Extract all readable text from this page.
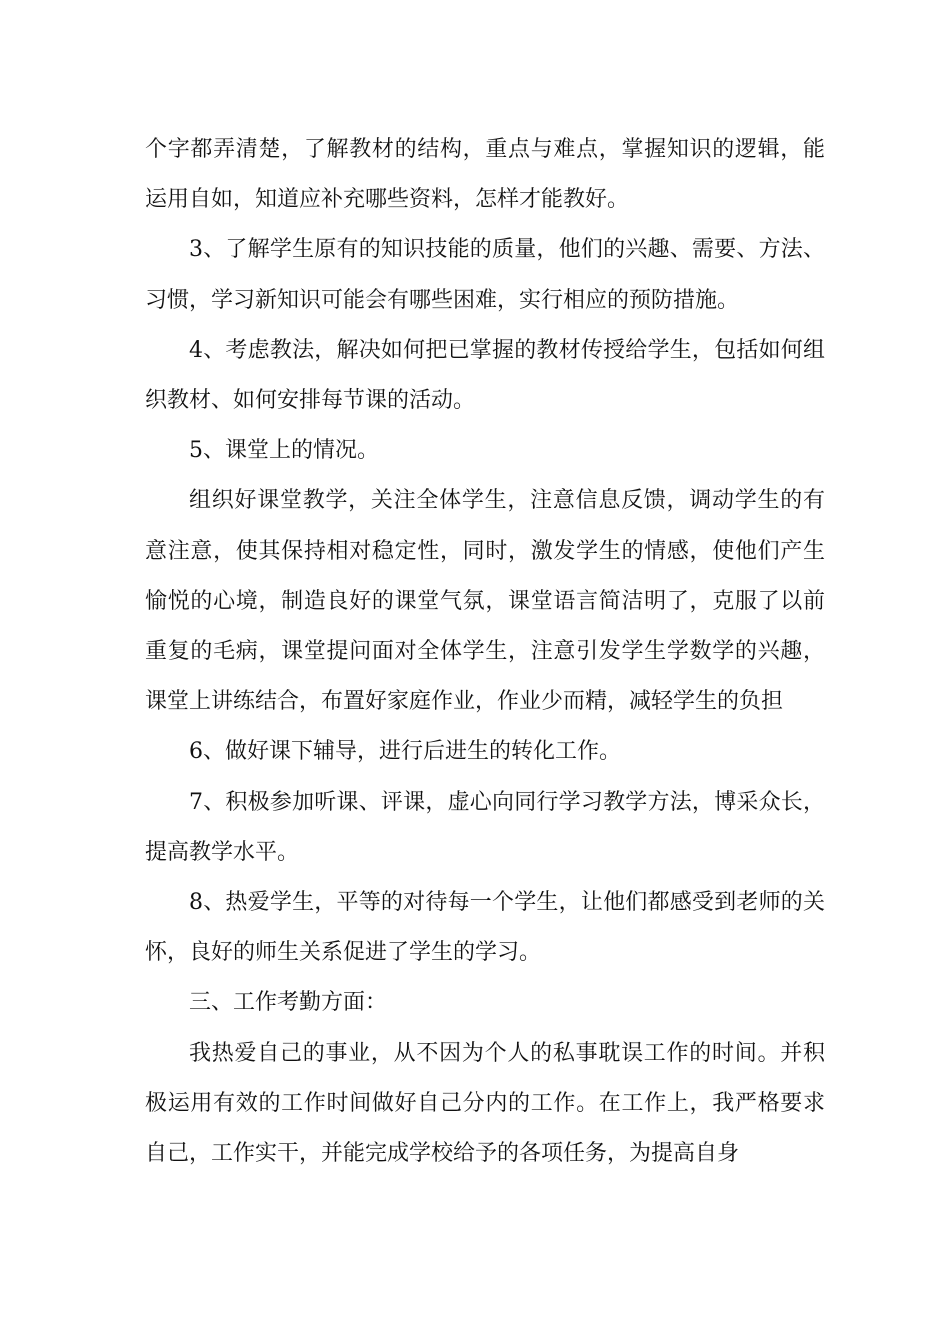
个字都弄清楚，了解教材的结构，重点与难点，掌握知识的逻辑，能运用自如，知道应补充哪些资料，怎样才能教好。

3、了解学生原有的知识技能的质量，他们的兴趣、需要、方法、习惯，学习新知识可能会有哪些困难，实行相应的预防措施。

4、考虑教法，解决如何把已掌握的教材传授给学生，包括如何组织教材、如何安排每节课的活动。

5、课堂上的情况。

组织好课堂教学，关注全体学生，注意信息反馈，调动学生的有意注意，使其保持相对稳定性，同时，激发学生的情感，使他们产生愉悦的心境，制造良好的课堂气氛，课堂语言简洁明了，克服了以前重复的毛病，课堂提问面对全体学生，注意引发学生学数学的兴趣，课堂上讲练结合，布置好家庭作业，作业少而精，减轻学生的负担

6、做好课下辅导，进行后进生的转化工作。

7、积极参加听课、评课，虚心向同行学习教学方法，博采众长，提高教学水平。

8、热爱学生，平等的对待每一个学生，让他们都感受到老师的关怀，良好的师生关系促进了学生的学习。

三、工作考勤方面：

我热爱自己的事业，从不因为个人的私事耽误工作的时间。并积极运用有效的工作时间做好自己分内的工作。在工作上，我严格要求自己，工作实干，并能完成学校给予的各项任务，为提高自身
